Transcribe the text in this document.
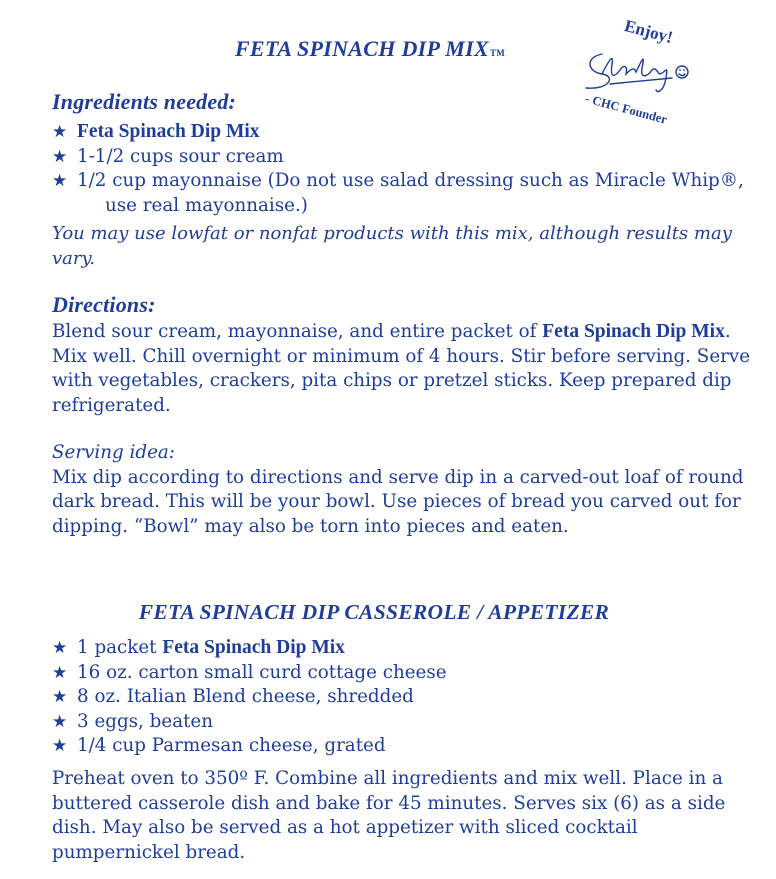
FETA SPINACH DIP MIXTM
Enjoy!
- CHC Founder
Ingredients needed:
★ Feta Spinach Dip Mix
★ 1-1/2 cups sour cream
★ 1/2 cup mayonnaise (Do not use salad dressing such as Miracle Whip®, use real mayonnaise.)

You may use lowfat or nonfat products with this mix, although results may vary.

Directions:

Blend sour cream, mayonnaise, and entire packet of Feta Spinach Dip Mix. Mix well. Chill overnight or minimum of 4 hours. Stir before serving. Serve with vegetables, crackers, pita chips or pretzel sticks. Keep prepared dip refrigerated.

Serving idea:

Mix dip according to directions and serve dip in a carved-out loaf of round dark bread. This will be your bowl. Use pieces of bread you carved out for dipping. “Bowl” may also be torn into pieces and eaten.

FETA SPINACH DIP CASSEROLE / APPETIZER
★ 1 packet Feta Spinach Dip Mix
★ 16 oz. carton small curd cottage cheese
★ 8 oz. Italian Blend cheese, shredded
★ 3 eggs, beaten
★ 1/4 cup Parmesan cheese, grated

Preheat oven to 350º F. Combine all ingredients and mix well. Place in a buttered casserole dish and bake for 45 minutes. Serves six (6) as a side dish. May also be served as a hot appetizer with sliced cocktail pumpernickel bread.
